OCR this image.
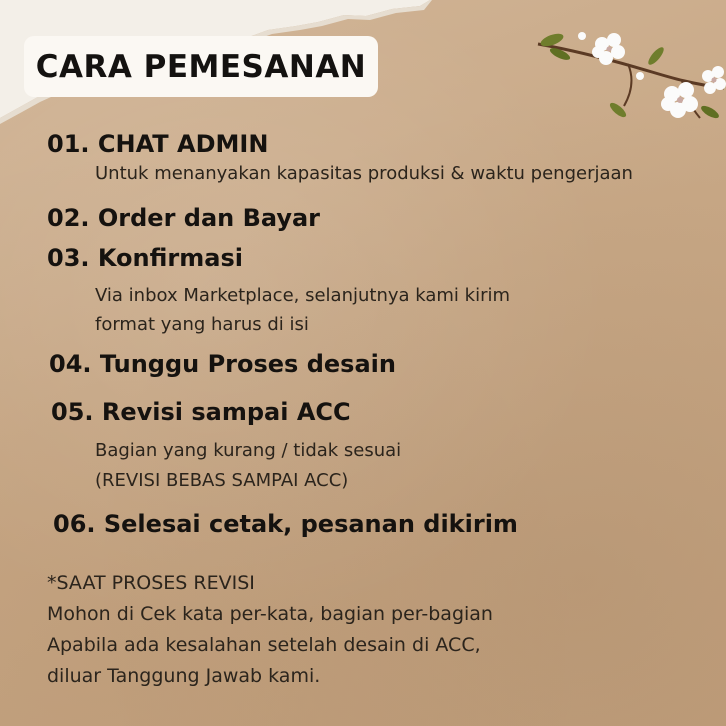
CARA PEMESANAN
01. CHAT ADMIN
Untuk menanyakan kapasitas produksi & waktu pengerjaan
02. Order dan Bayar
03. Konfirmasi
Via inbox Marketplace, selanjutnya kami kirim
format yang harus di isi
04. Tunggu Proses desain
05. Revisi sampai ACC
Bagian yang kurang / tidak sesuai
(REVISI BEBAS SAMPAI ACC)
06. Selesai cetak, pesanan dikirim
*SAAT PROSES REVISI
Mohon di Cek kata per-kata, bagian per-bagian
Apabila ada kesalahan setelah desain di ACC,
diluar Tanggung Jawab kami.
